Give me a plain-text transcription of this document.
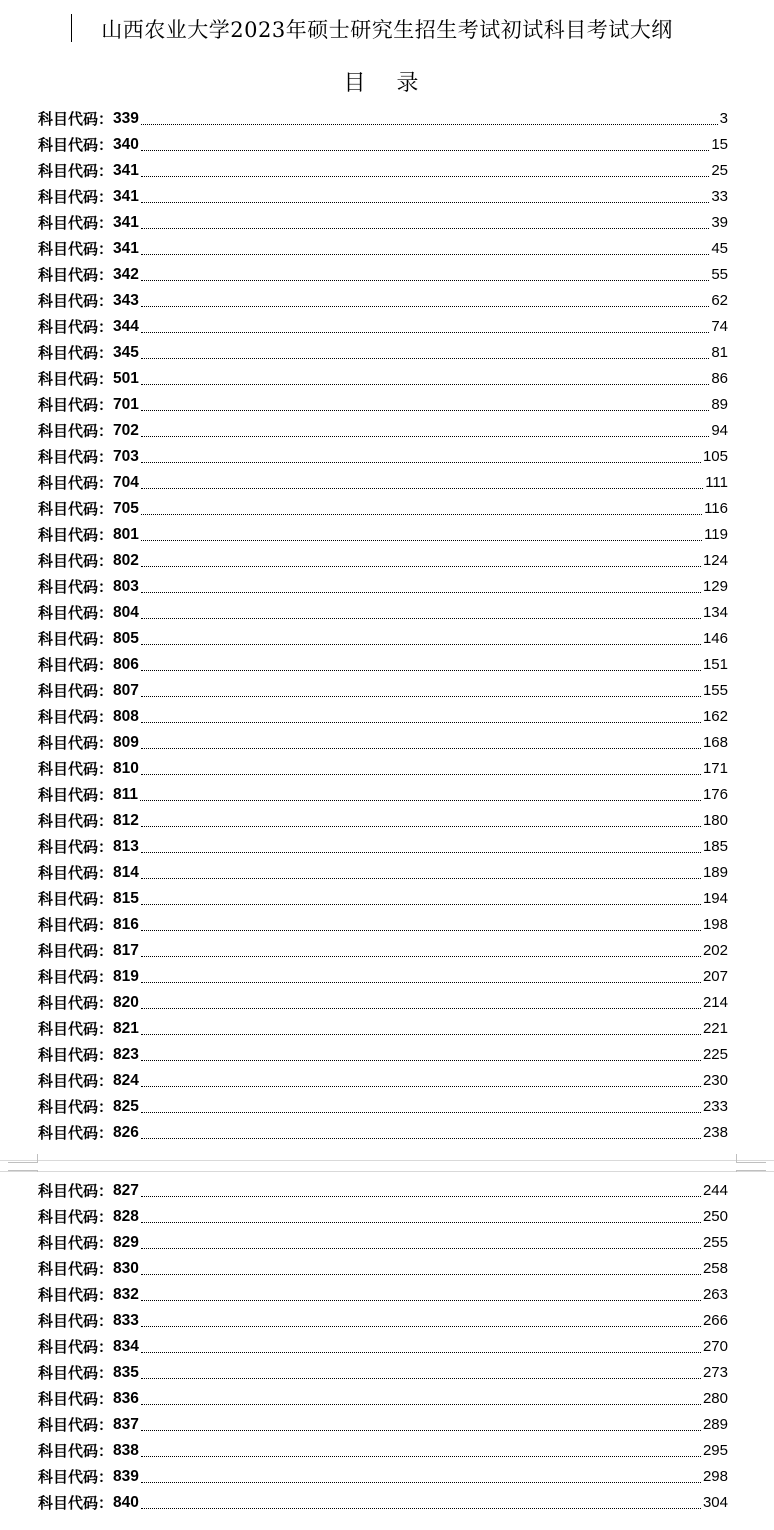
山西农业大学2023年硕士研究生招生考试初试科目考试大纲
目 录
科目代码： 339	3
科目代码： 340	15
科目代码： 341	25
科目代码： 341	33
科目代码： 341	39
科目代码： 341	45
科目代码： 342	55
科目代码： 343	62
科目代码： 344	74
科目代码： 345	81
科目代码： 501	86
科目代码： 701	89
科目代码： 702	94
科目代码： 703	105
科目代码： 704	111
科目代码： 705	116
科目代码： 801	119
科目代码： 802	124
科目代码： 803	129
科目代码： 804	134
科目代码： 805	146
科目代码： 806	151
科目代码： 807	155
科目代码： 808	162
科目代码： 809	168
科目代码： 810	171
科目代码： 811	176
科目代码： 812	180
科目代码： 813	185
科目代码： 814	189
科目代码： 815	194
科目代码： 816	198
科目代码： 817	202
科目代码： 819	207
科目代码： 820	214
科目代码： 821	221
科目代码： 823	225
科目代码： 824	230
科目代码： 825	233
科目代码： 826	238
科目代码： 827	244
科目代码： 828	250
科目代码： 829	255
科目代码： 830	258
科目代码： 832	263
科目代码： 833	266
科目代码： 834	270
科目代码： 835	273
科目代码： 836	280
科目代码： 837	289
科目代码： 838	295
科目代码： 839	298
科目代码： 840	304
